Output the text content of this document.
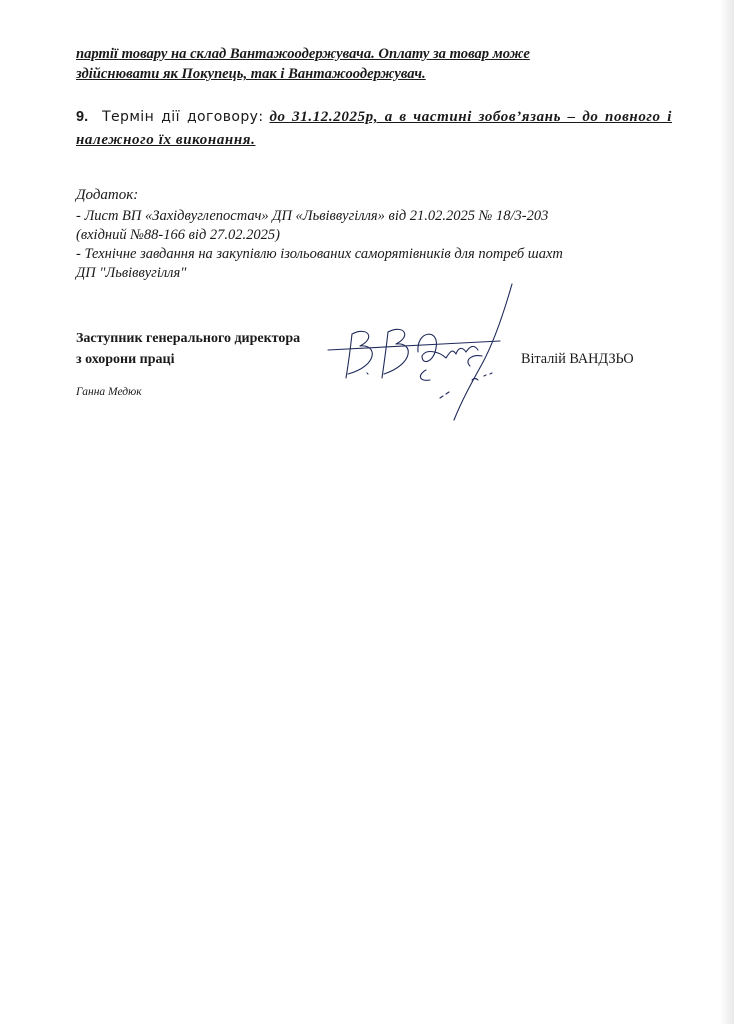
партії товару на склад Вантажоодержувача. Оплату за товар може
здійснювати як Покупець, так і Вантажоодержувач.
9. Термін дії договору: до 31.12.2025р, а в частині зобов’язань – до повного і належного їх виконання.
Додаток:
- Лист ВП «Західвуглепостач» ДП «Львіввугілля» від 21.02.2025 № 18/3-203
(вхідний №88-166 від 27.02.2025)
- Технічне завдання на закупівлю ізольованих саморятівників для потреб шахт
ДП "Львіввугілля"
Заступник генерального директора
з охорони праці	Віталій ВАНДЗЬО
Ганна Медюк
